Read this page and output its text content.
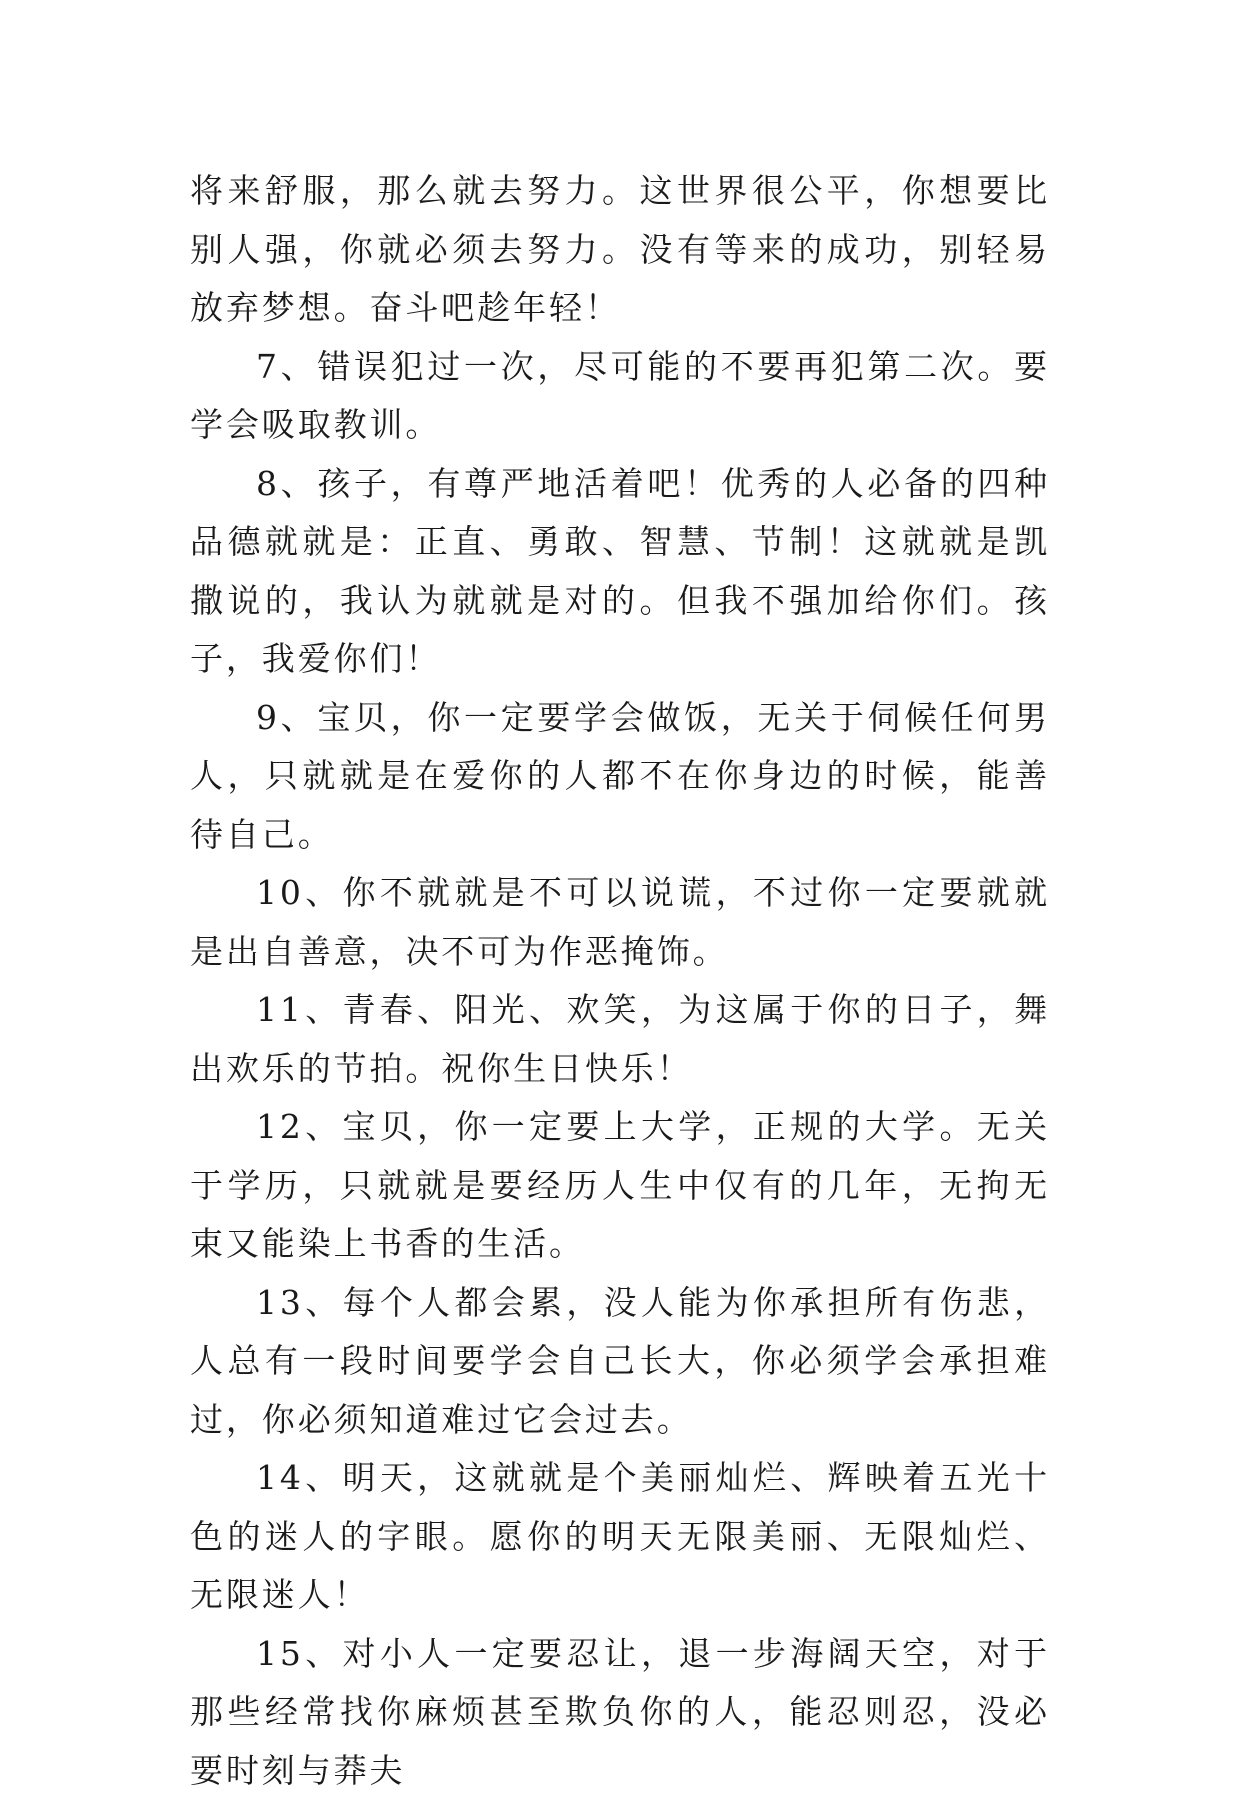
将来舒服，那么就去努力。这世界很公平，你想要比别人强，你就必须去努力。没有等来的成功，别轻易放弃梦想。奋斗吧趁年轻！

7、错误犯过一次，尽可能的不要再犯第二次。要学会吸取教训。

8、孩子，有尊严地活着吧！优秀的人必备的四种品德就就是：正直、勇敢、智慧、节制！这就就是凯撒说的，我认为就就是对的。但我不强加给你们。孩子，我爱你们！

9、宝贝，你一定要学会做饭，无关于伺候任何男人，只就就是在爱你的人都不在你身边的时候，能善待自己。

10、你不就就是不可以说谎，不过你一定要就就是出自善意，决不可为作恶掩饰。

11、青春、阳光、欢笑，为这属于你的日子，舞出欢乐的节拍。祝你生日快乐！

12、宝贝，你一定要上大学，正规的大学。无关于学历，只就就是要经历人生中仅有的几年，无拘无束又能染上书香的生活。

13、每个人都会累，没人能为你承担所有伤悲，人总有一段时间要学会自己长大，你必须学会承担难过，你必须知道难过它会过去。

14、明天，这就就是个美丽灿烂、辉映着五光十色的迷人的字眼。愿你的明天无限美丽、无限灿烂、无限迷人！

15、对小人一定要忍让，退一步海阔天空，对于那些经常找你麻烦甚至欺负你的人，能忍则忍，没必要时刻与莽夫
